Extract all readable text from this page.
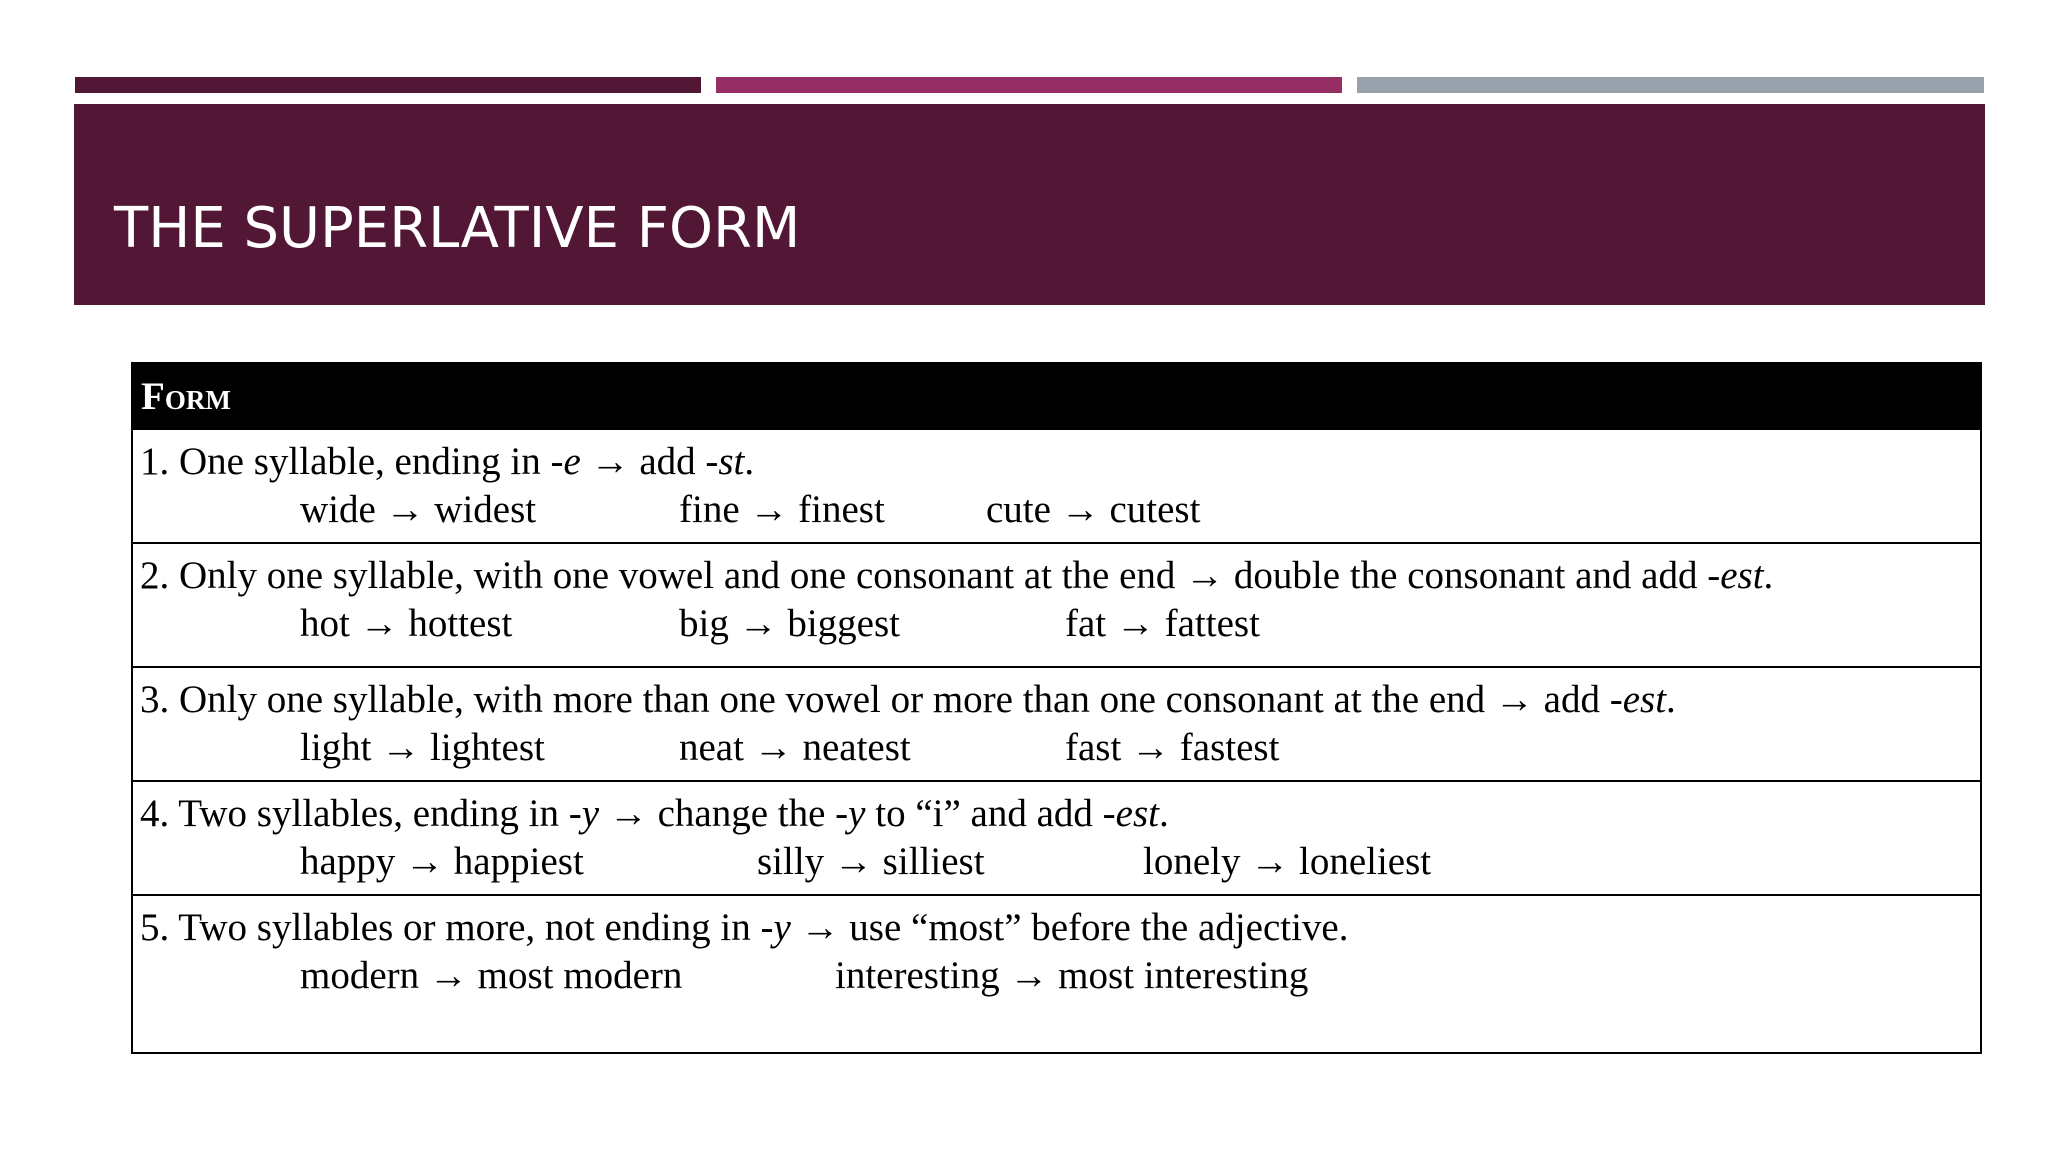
THE SUPERLATIVE FORM
Form
1. One syllable, ending in -e → add -st.
wide → widest	fine → finest	cute → cutest
2. Only one syllable, with one vowel and one consonant at the end → double the consonant and add -est.
hot → hottest	big → biggest	fat → fattest
3. Only one syllable, with more than one vowel or more than one consonant at the end → add -est.
light → lightest	neat → neatest	fast → fastest
4. Two syllables, ending in -y → change the -y to “i” and add -est.
happy → happiest	silly → silliest	lonely → loneliest
5. Two syllables or more, not ending in -y → use “most” before the adjective.
modern → most modern	interesting → most interesting
